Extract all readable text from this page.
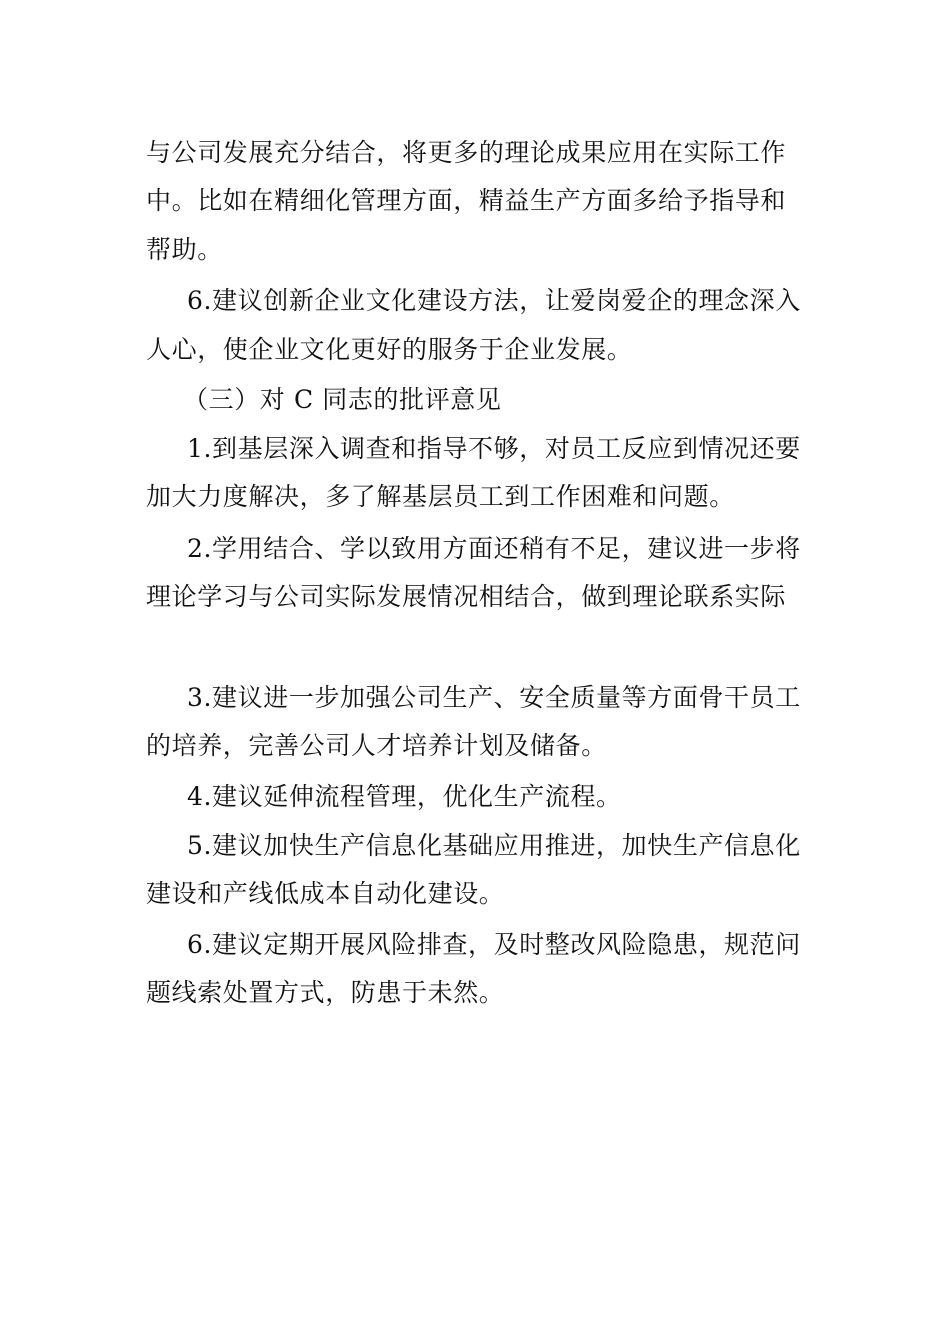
与公司发展充分结合，将更多的理论成果应用在实际工作
中。比如在精细化管理方面，精益生产方面多给予指导和
帮助。
6.建议创新企业文化建设方法，让爱岗爱企的理念深入
人心，使企业文化更好的服务于企业发展。
（三）对 C 同志的批评意见
1.到基层深入调查和指导不够，对员工反应到情况还要
加大力度解决，多了解基层员工到工作困难和问题。
2.学用结合、学以致用方面还稍有不足，建议进一步将
理论学习与公司实际发展情况相结合，做到理论联系实际
3.建议进一步加强公司生产、安全质量等方面骨干员工
的培养，完善公司人才培养计划及储备。
4.建议延伸流程管理，优化生产流程。
5.建议加快生产信息化基础应用推进，加快生产信息化
建设和产线低成本自动化建设。
6.建议定期开展风险排查，及时整改风险隐患，规范问
题线索处置方式，防患于未然。
